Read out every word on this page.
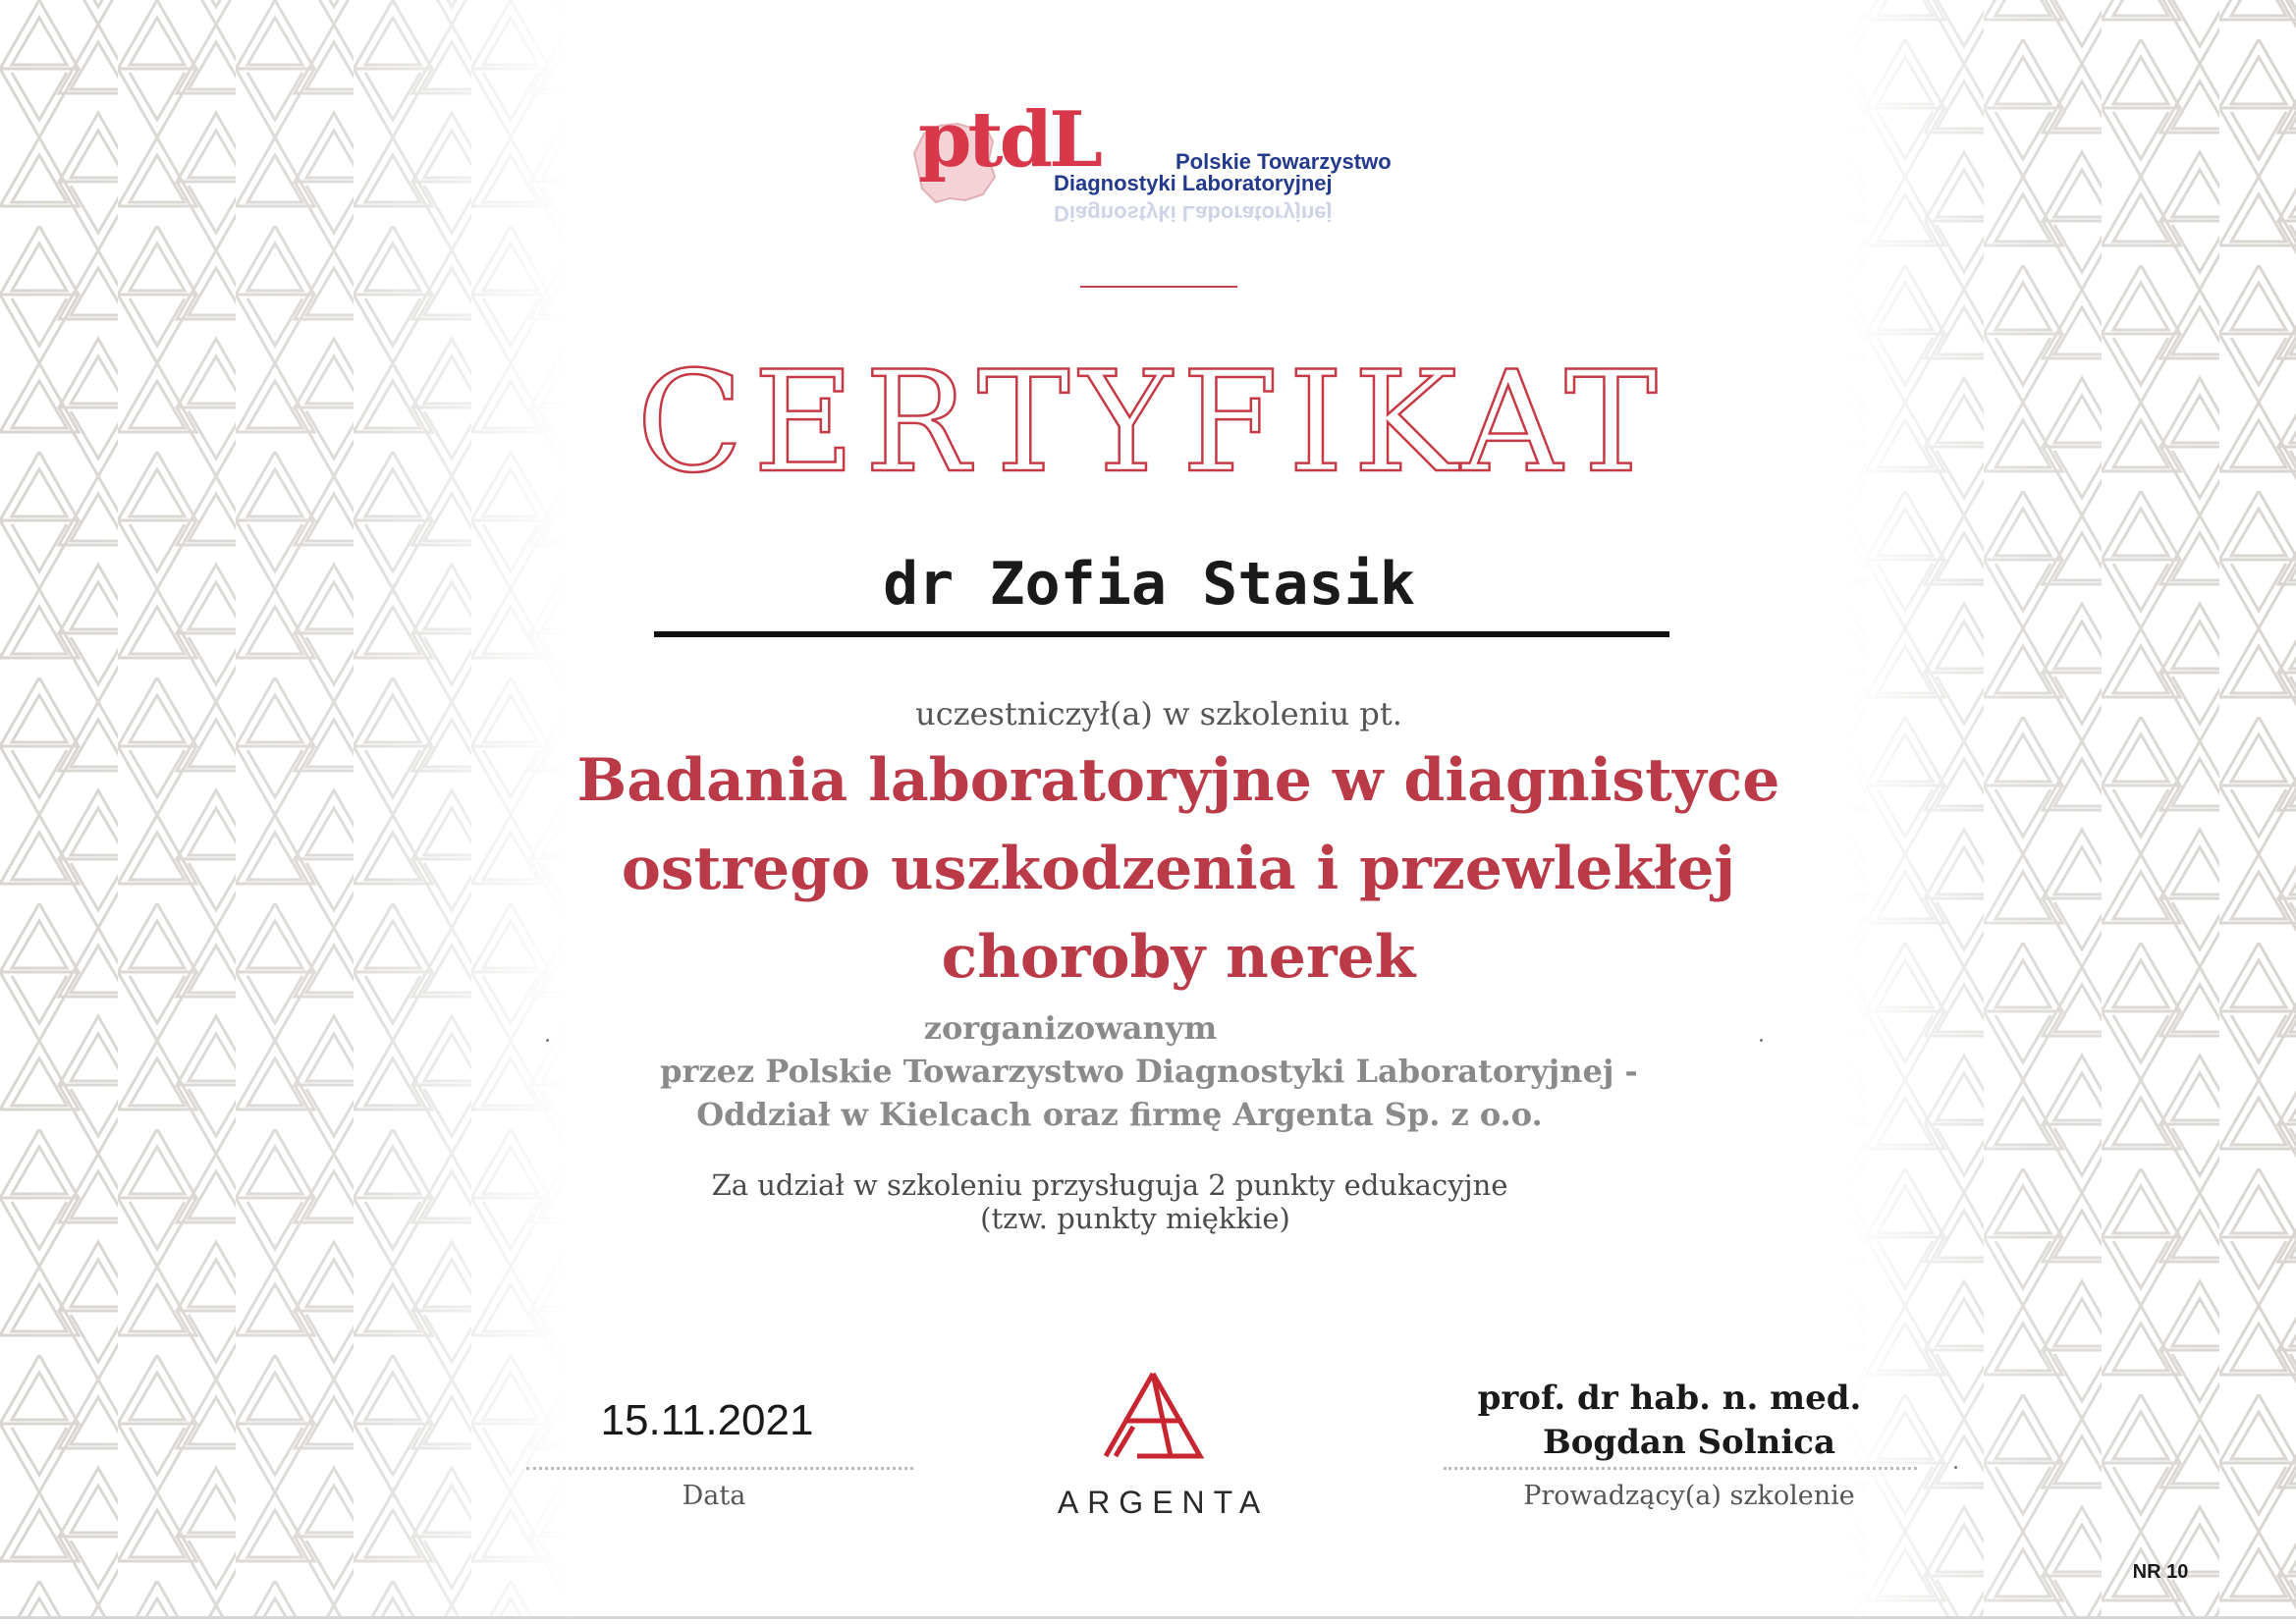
ptdL	Polskie Towarzystwo
Diagnostyki Laboratoryjnej
Diagnostyki Laboratoryjnej
CERTYFIKAT
dr Zofia Stasik
uczestniczył(a) w szkoleniu pt.
Badania laboratoryjne w diagnistyce
ostrego uszkodzenia i przewlekłej
choroby nerek
zorganizowanym
przez Polskie Towarzystwo Diagnostyki Laboratoryjnej -
Oddział w Kielcach oraz firmę Argenta Sp. z o.o.
Za udział w szkoleniu przysługuja 2 punkty edukacyjne
(tzw. punkty miękkie)
15.11.2021
Data	ARGENTA
prof. dr hab. n. med.
Bogdan Solnica
Prowadzący(a) szkolenie
NR 10
